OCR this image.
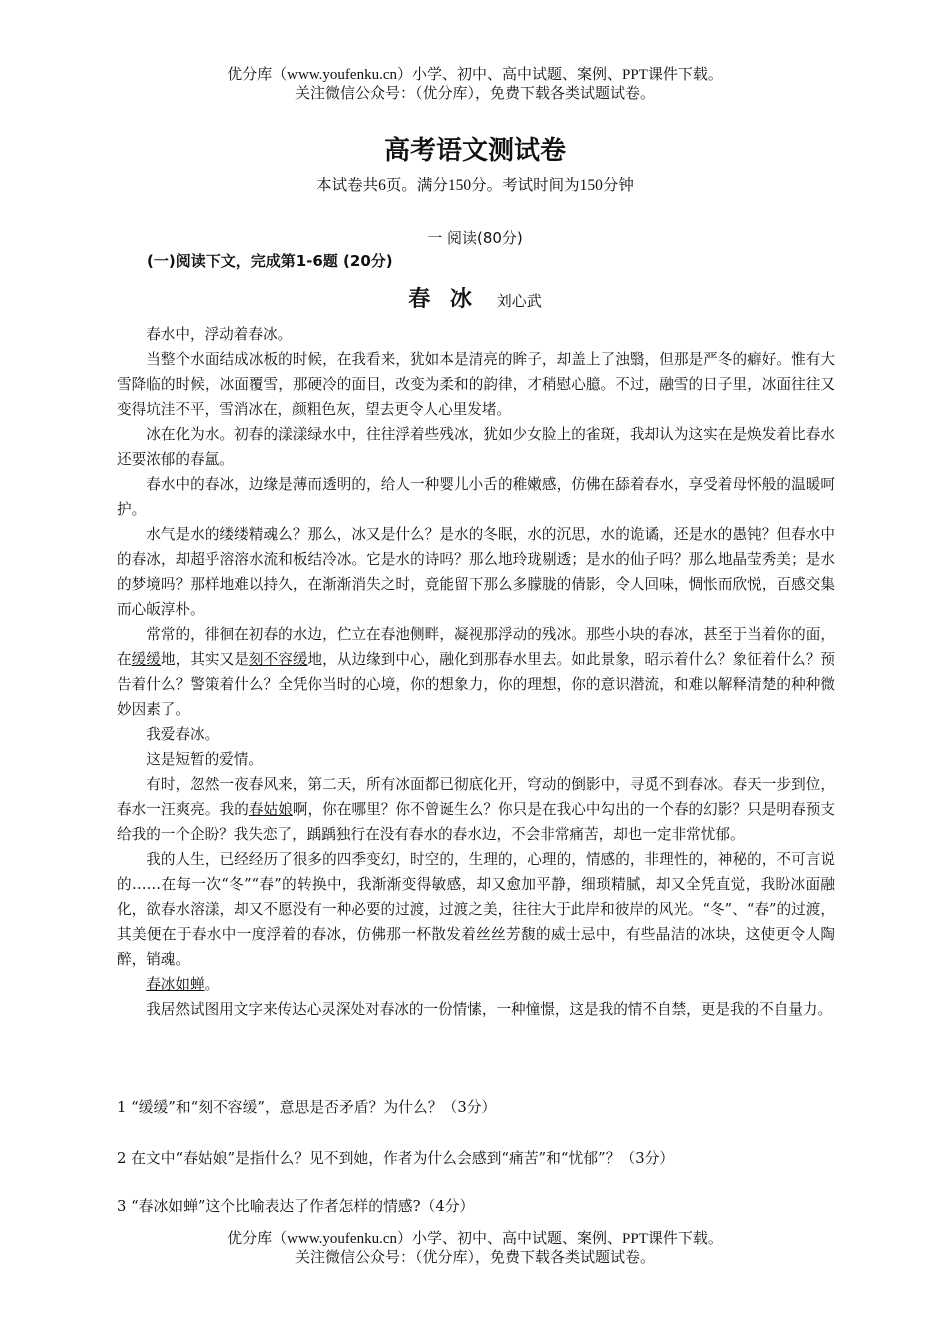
优分库（www.youfenku.cn）小学、初中、高中试题、案例、PPT课件下载。
关注微信公众号：（优分库），免费下载各类试题试卷。
高考语文测试卷
本试卷共6页。满分150分。考试时间为150分钟
一 阅读(80分)
(一)阅读下文，完成第1-6题 (20分)
春 冰 刘心武

春水中，浮动着春冰。

当整个水面结成冰板的时候，在我看来，犹如本是清亮的眸子，却盖上了浊翳，但那是严冬的癖好。惟有大雪降临的时候，冰面覆雪，那硬冷的面目，改变为柔和的韵律，才稍慰心臆。不过，融雪的日子里，冰面往往又变得坑洼不平，雪消冰在，颜粗色灰，望去更令人心里发堵。

冰在化为水。初春的漾漾绿水中，往往浮着些残冰，犹如少女脸上的雀斑，我却认为这实在是焕发着比春水还要浓郁的春氲。

春水中的春冰，边缘是薄而透明的，给人一种婴儿小舌的稚嫩感，仿佛在舔着春水，享受着母怀般的温暖呵护。

水气是水的缕缕精魂么？那么，冰又是什么？是水的冬眠，水的沉思，水的诡谲，还是水的愚钝？但春水中的春冰，却超乎溶溶水流和板结冷冰。它是水的诗吗？那么地玲珑剔透；是水的仙子吗？那么地晶莹秀美；是水的梦境吗？那样地难以持久，在渐渐消失之时，竟能留下那么多朦胧的倩影，令人回味，惆怅而欣悦，百感交集而心皈淳朴。

常常的，徘徊在初春的水边，伫立在春池侧畔，凝视那浮动的残冰。那些小块的春冰，甚至于当着你的面，在缓缓地，其实又是刻不容缓地，从边缘到中心，融化到那春水里去。如此景象，昭示着什么？象征着什么？预告着什么？警策着什么？全凭你当时的心境，你的想象力，你的理想，你的意识潜流，和难以解释清楚的种种微妙因素了。

我爱春冰。

这是短暂的爱情。

有时，忽然一夜春风来，第二天，所有冰面都已彻底化开，穹动的倒影中，寻觅不到春冰。春天一步到位，春水一汪爽亮。我的春姑娘啊，你在哪里？你不曾诞生么？你只是在我心中勾出的一个春的幻影？只是明春预支给我的一个企盼？我失恋了，踽踽独行在没有春水的春水边，不会非常痛苦，却也一定非常忧郁。

我的人生，已经经历了很多的四季变幻，时空的，生理的，心理的，情感的，非理性的，神秘的，不可言说的……在每一次“冬”“春”的转换中，我渐渐变得敏感，却又愈加平静，细琐精腻，却又全凭直觉，我盼冰面融化，欲春水溶漾，却又不愿没有一种必要的过渡，过渡之美，往往大于此岸和彼岸的风光。“冬”、“春”的过渡，其美便在于春水中一度浮着的春冰，仿佛那一杯散发着丝丝芳馥的威士忌中，有些晶洁的冰块，这使更令人陶醉，销魂。

春冰如蝉。

我居然试图用文字来传达心灵深处对春冰的一份情愫，一种憧憬，这是我的情不自禁，更是我的不自量力。

1 “缓缓”和“刻不容缓”，意思是否矛盾？为什么？（3分）
2 在文中“春姑娘”是指什么？见不到她，作者为什么会感到“痛苦”和“忧郁”？（3分）
3 “春冰如蝉”这个比喻表达了作者怎样的情感?（4分）
优分库（www.youfenku.cn）小学、初中、高中试题、案例、PPT课件下载。
关注微信公众号：（优分库），免费下载各类试题试卷。
